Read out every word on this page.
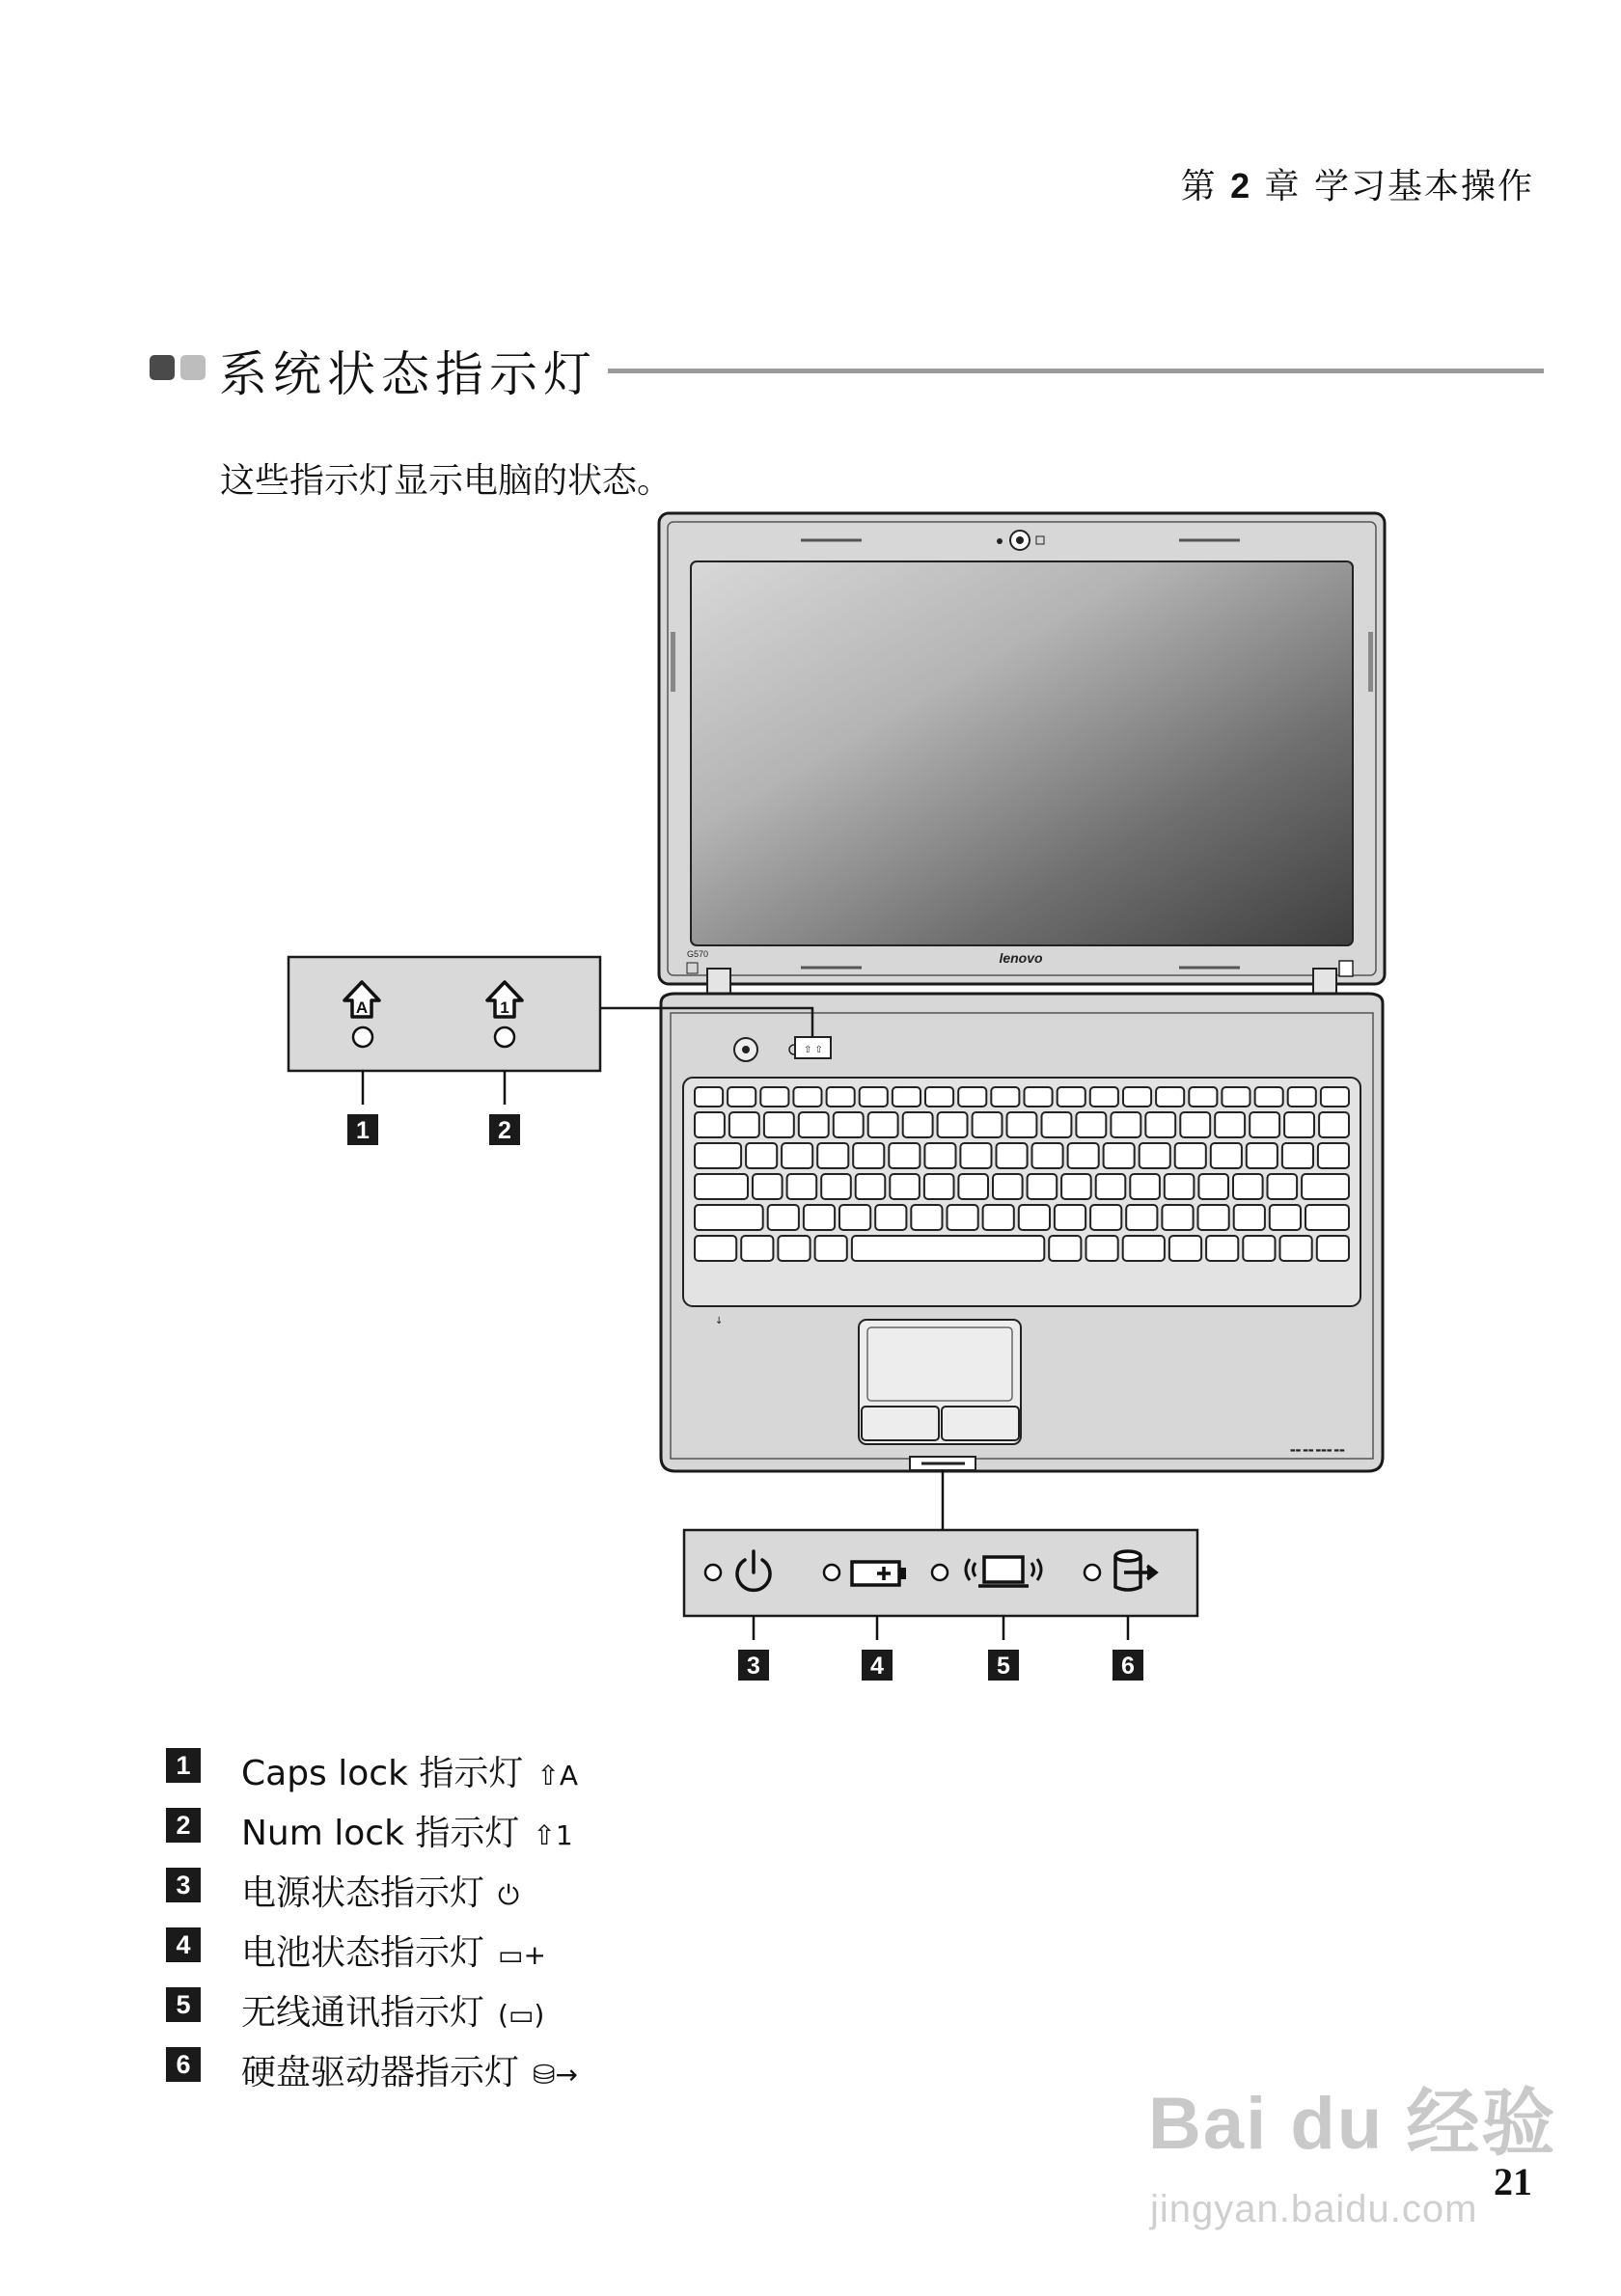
第 2 章 学习基本操作
系统状态指示灯
这些指示灯显示电脑的状态。
lenovo
G570
⇧ ⇧
↓
▬▬ ▬▬ ▬▬▬ ▬▬
A	1
1	2
3	4	5	6
1 Caps lock 指示灯 ⇧A
2 Num lock 指示灯 ⇧1
3 电源状态指示灯 ⏻
4 电池状态指示灯 ▭+
5 无线通讯指示灯 (▭)
6 硬盘驱动器指示灯 ⛁→
Bai du 经验
jingyan.baidu.com
21
